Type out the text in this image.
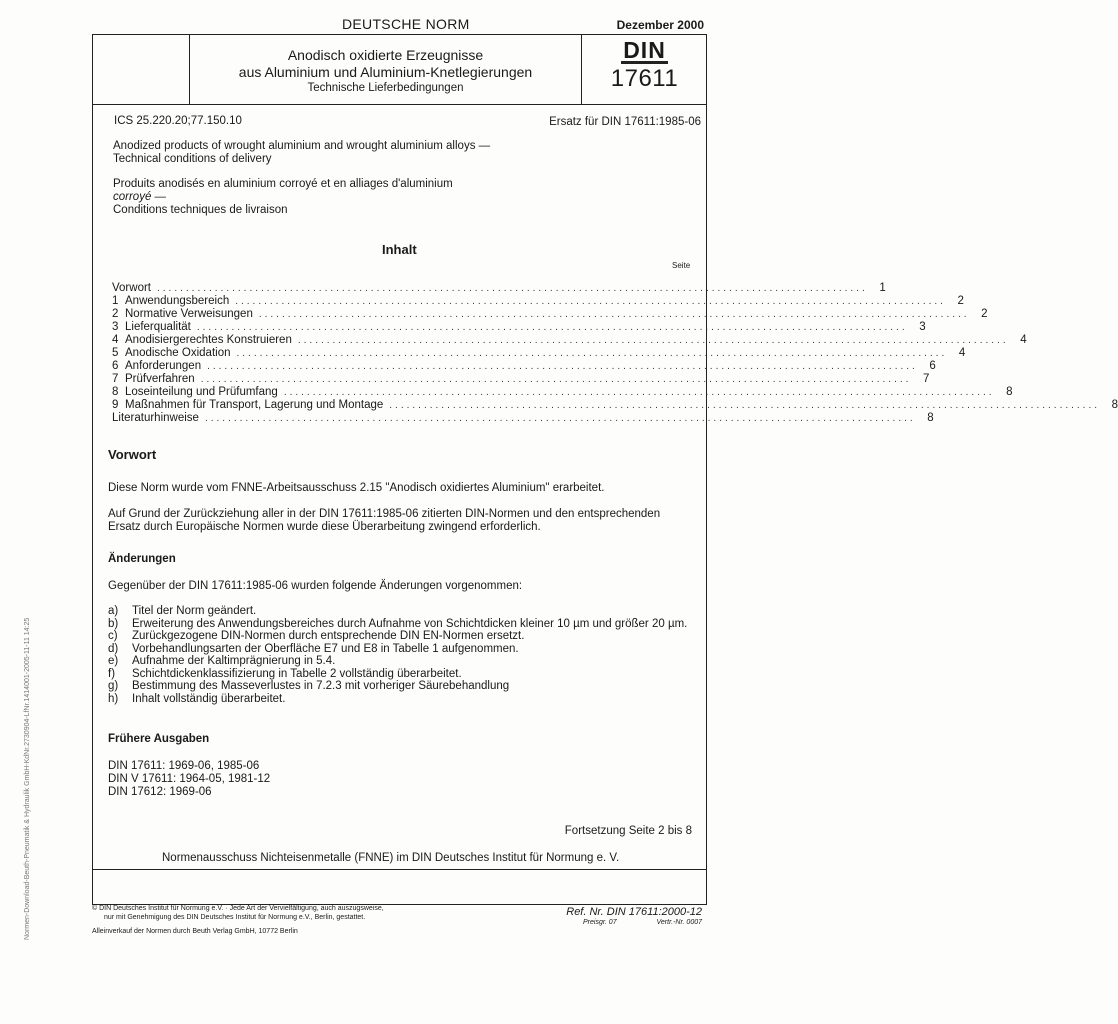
DEUTSCHE NORM	Dezember 2000
Anodisch oxidierte Erzeugnisse
aus Aluminium und Aluminium-Knetlegierungen
Technische Lieferbedingungen
DIN
17611
ICS 25.220.20;77.150.10	Ersatz für DIN 17611:1985-06
Anodized products of wrought aluminium and wrought aluminium alloys —
Technical conditions of delivery
Produits anodisés en aluminium corroyé et en alliages d'aluminium
corroyé —
Conditions techniques de livraison
Inhalt
Seite
Vorwort ...........................................................................................................................	1
1 Anwendungsbereich ...........................................................................................................................	2
2 Normative Verweisungen ...........................................................................................................................	2
3 Lieferqualität ...........................................................................................................................	3
4 Anodisiergerechtes Konstruieren ...........................................................................................................................	4
5 Anodische Oxidation ...........................................................................................................................	4
6 Anforderungen ...........................................................................................................................	6
7 Prüfverfahren ...........................................................................................................................	7
8 Loseinteilung und Prüfumfang ...........................................................................................................................	8
9 Maßnahmen für Transport, Lagerung und Montage ...........................................................................................................................	8
Literaturhinweise ...........................................................................................................................	8
Vorwort
Diese Norm wurde vom FNNE-Arbeitsausschuss 2.15 "Anodisch oxidiertes Aluminium" erarbeitet.
Auf Grund der Zurückziehung aller in der DIN 17611:1985-06 zitierten DIN-Normen und den entsprechenden
Ersatz durch Europäische Normen wurde diese Überarbeitung zwingend erforderlich.
Änderungen
Gegenüber der DIN 17611:1985-06 wurden folgende Änderungen vorgenommen:
a) Titel der Norm geändert.
b) Erweiterung des Anwendungsbereiches durch Aufnahme von Schichtdicken kleiner 10 µm und größer 20 µm.
c) Zurückgezogene DIN-Normen durch entsprechende DIN EN-Normen ersetzt.
d) Vorbehandlungsarten der Oberfläche E7 und E8 in Tabelle 1 aufgenommen.
e) Aufnahme der Kaltimprägnierung in 5.4.
f) Schichtdickenklassifizierung in Tabelle 2 vollständig überarbeitet.
g) Bestimmung des Masseverlustes in 7.2.3 mit vorheriger Säurebehandlung
h) Inhalt vollständig überarbeitet.
Frühere Ausgaben
DIN 17611: 1969-06, 1985-06
DIN V 17611: 1964-05, 1981-12
DIN 17612: 1969-06
Fortsetzung Seite 2 bis 8
Normenausschuss Nichteisenmetalle (FNNE) im DIN Deutsches Institut für Normung e. V.
© DIN Deutsches Institut für Normung e.V. · Jede Art der Vervielfältigung, auch auszugsweise,
nur mit Genehmigung des DIN Deutsches Institut für Normung e.V., Berlin, gestattet.
Alleinverkauf der Normen durch Beuth Verlag GmbH, 10772 Berlin
Ref. Nr. DIN 17611:2000-12
Preisgr. 07	Vertr.-Nr. 0007
Normen-Download-Beuth-Pneumatik & Hydraulik GmbH-KdNr.2730904-LfNr.1414001-2005-11-11 14:25
